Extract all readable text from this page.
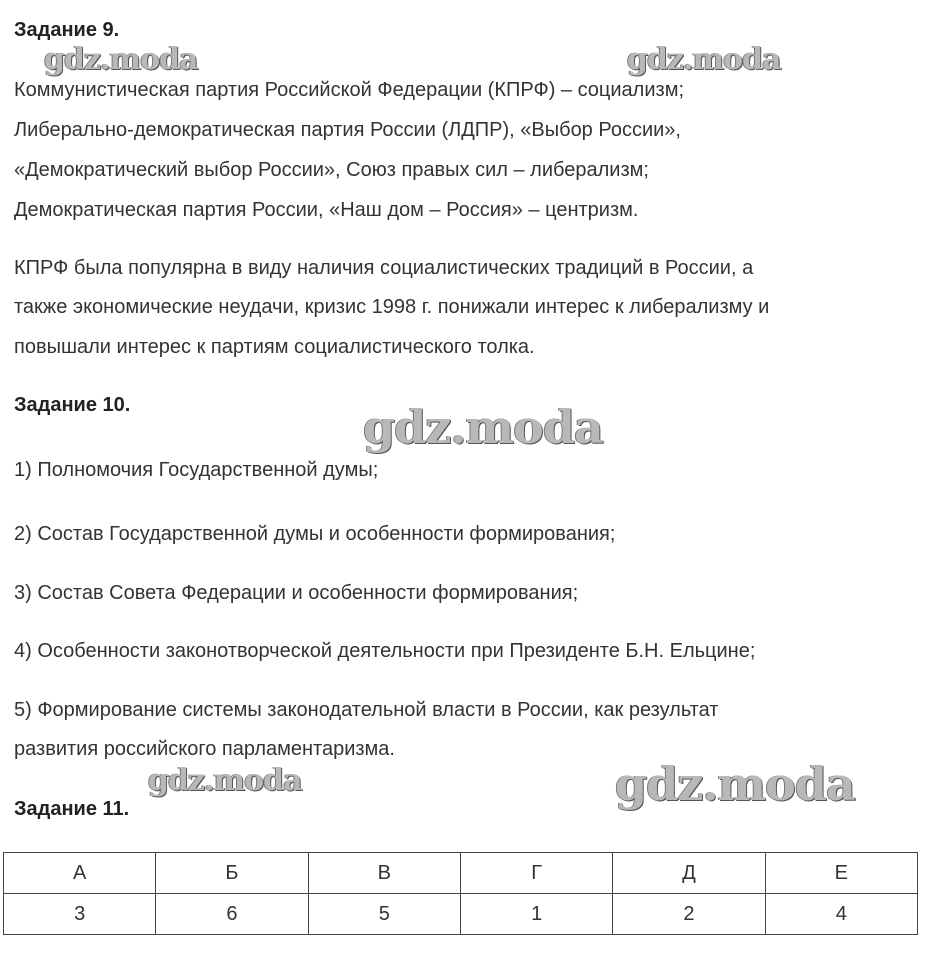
Задание 9.
Коммунистическая партия Российской Федерации (КПРФ) – социализм;
Либерально-демократическая партия России (ЛДПР), «Выбор России»,
«Демократический выбор России», Союз правых сил – либерализм;
Демократическая партия России, «Наш дом – Россия» – центризм.
КПРФ была популярна в виду наличия социалистических традиций в России, а
также экономические неудачи, кризис 1998 г. понижали интерес к либерализму и
повышали интерес к партиям социалистического толка.
Задание 10.
1) Полномочия Государственной думы;
2) Состав Государственной думы и особенности формирования;
3) Состав Совета Федерации и особенности формирования;
4) Особенности законотворческой деятельности при Президенте Б.Н. Ельцине;
5) Формирование системы законодательной власти в России, как результат
развития российского парламентаризма.
Задание 11.
А	Б	В	Г	Д	Е
3	6	5	1	2	4
gdz.moda	gdz.moda
gdz.moda
gdz.moda	gdz.moda
